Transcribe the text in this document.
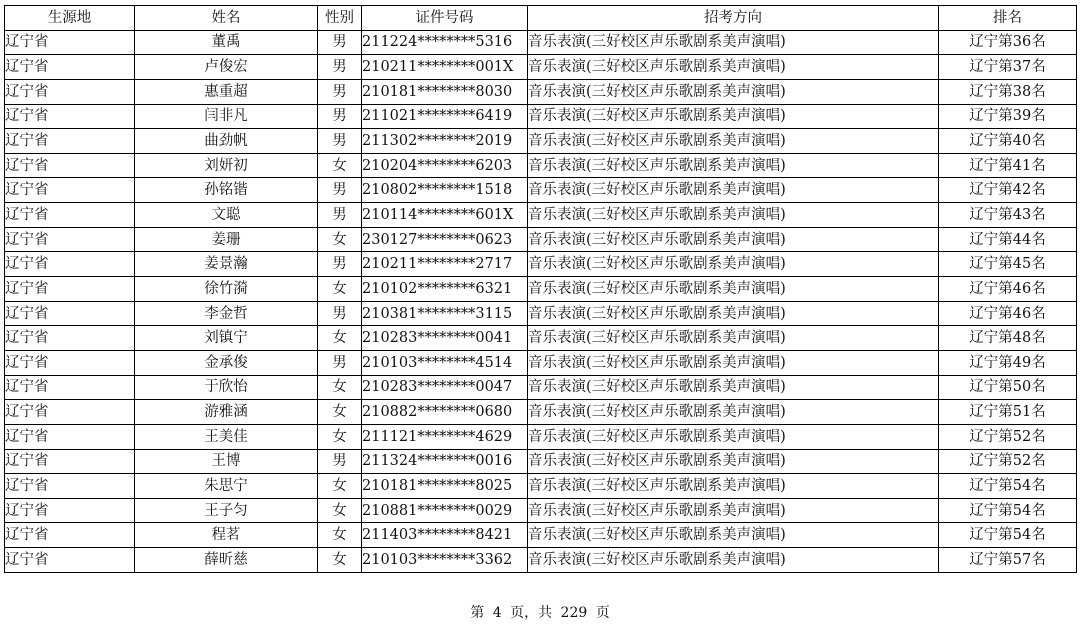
生源地	姓名	性别	证件号码	招考方向	排名
辽宁省	董禹	男	211224********5316	音乐表演(三好校区声乐歌剧系美声演唱)	辽宁第36名
辽宁省	卢俊宏	男	210211********001X	音乐表演(三好校区声乐歌剧系美声演唱)	辽宁第37名
辽宁省	惠重超	男	210181********8030	音乐表演(三好校区声乐歌剧系美声演唱)	辽宁第38名
辽宁省	闫非凡	男	211021********6419	音乐表演(三好校区声乐歌剧系美声演唱)	辽宁第39名
辽宁省	曲劲帆	男	211302********2019	音乐表演(三好校区声乐歌剧系美声演唱)	辽宁第40名
辽宁省	刘妍初	女	210204********6203	音乐表演(三好校区声乐歌剧系美声演唱)	辽宁第41名
辽宁省	孙铭锴	男	210802********1518	音乐表演(三好校区声乐歌剧系美声演唱)	辽宁第42名
辽宁省	文聪	男	210114********601X	音乐表演(三好校区声乐歌剧系美声演唱)	辽宁第43名
辽宁省	姜珊	女	230127********0623	音乐表演(三好校区声乐歌剧系美声演唱)	辽宁第44名
辽宁省	姜景瀚	男	210211********2717	音乐表演(三好校区声乐歌剧系美声演唱)	辽宁第45名
辽宁省	徐竹漪	女	210102********6321	音乐表演(三好校区声乐歌剧系美声演唱)	辽宁第46名
辽宁省	李金哲	男	210381********3115	音乐表演(三好校区声乐歌剧系美声演唱)	辽宁第46名
辽宁省	刘镇宁	女	210283********0041	音乐表演(三好校区声乐歌剧系美声演唱)	辽宁第48名
辽宁省	金承俊	男	210103********4514	音乐表演(三好校区声乐歌剧系美声演唱)	辽宁第49名
辽宁省	于欣怡	女	210283********0047	音乐表演(三好校区声乐歌剧系美声演唱)	辽宁第50名
辽宁省	游雅涵	女	210882********0680	音乐表演(三好校区声乐歌剧系美声演唱)	辽宁第51名
辽宁省	王美佳	女	211121********4629	音乐表演(三好校区声乐歌剧系美声演唱)	辽宁第52名
辽宁省	王博	男	211324********0016	音乐表演(三好校区声乐歌剧系美声演唱)	辽宁第52名
辽宁省	朱思宁	女	210181********8025	音乐表演(三好校区声乐歌剧系美声演唱)	辽宁第54名
辽宁省	王子匀	女	210881********0029	音乐表演(三好校区声乐歌剧系美声演唱)	辽宁第54名
辽宁省	程茗	女	211403********8421	音乐表演(三好校区声乐歌剧系美声演唱)	辽宁第54名
辽宁省	薛昕慈	女	210103********3362	音乐表演(三好校区声乐歌剧系美声演唱)	辽宁第57名
第 4 页，共 229 页
